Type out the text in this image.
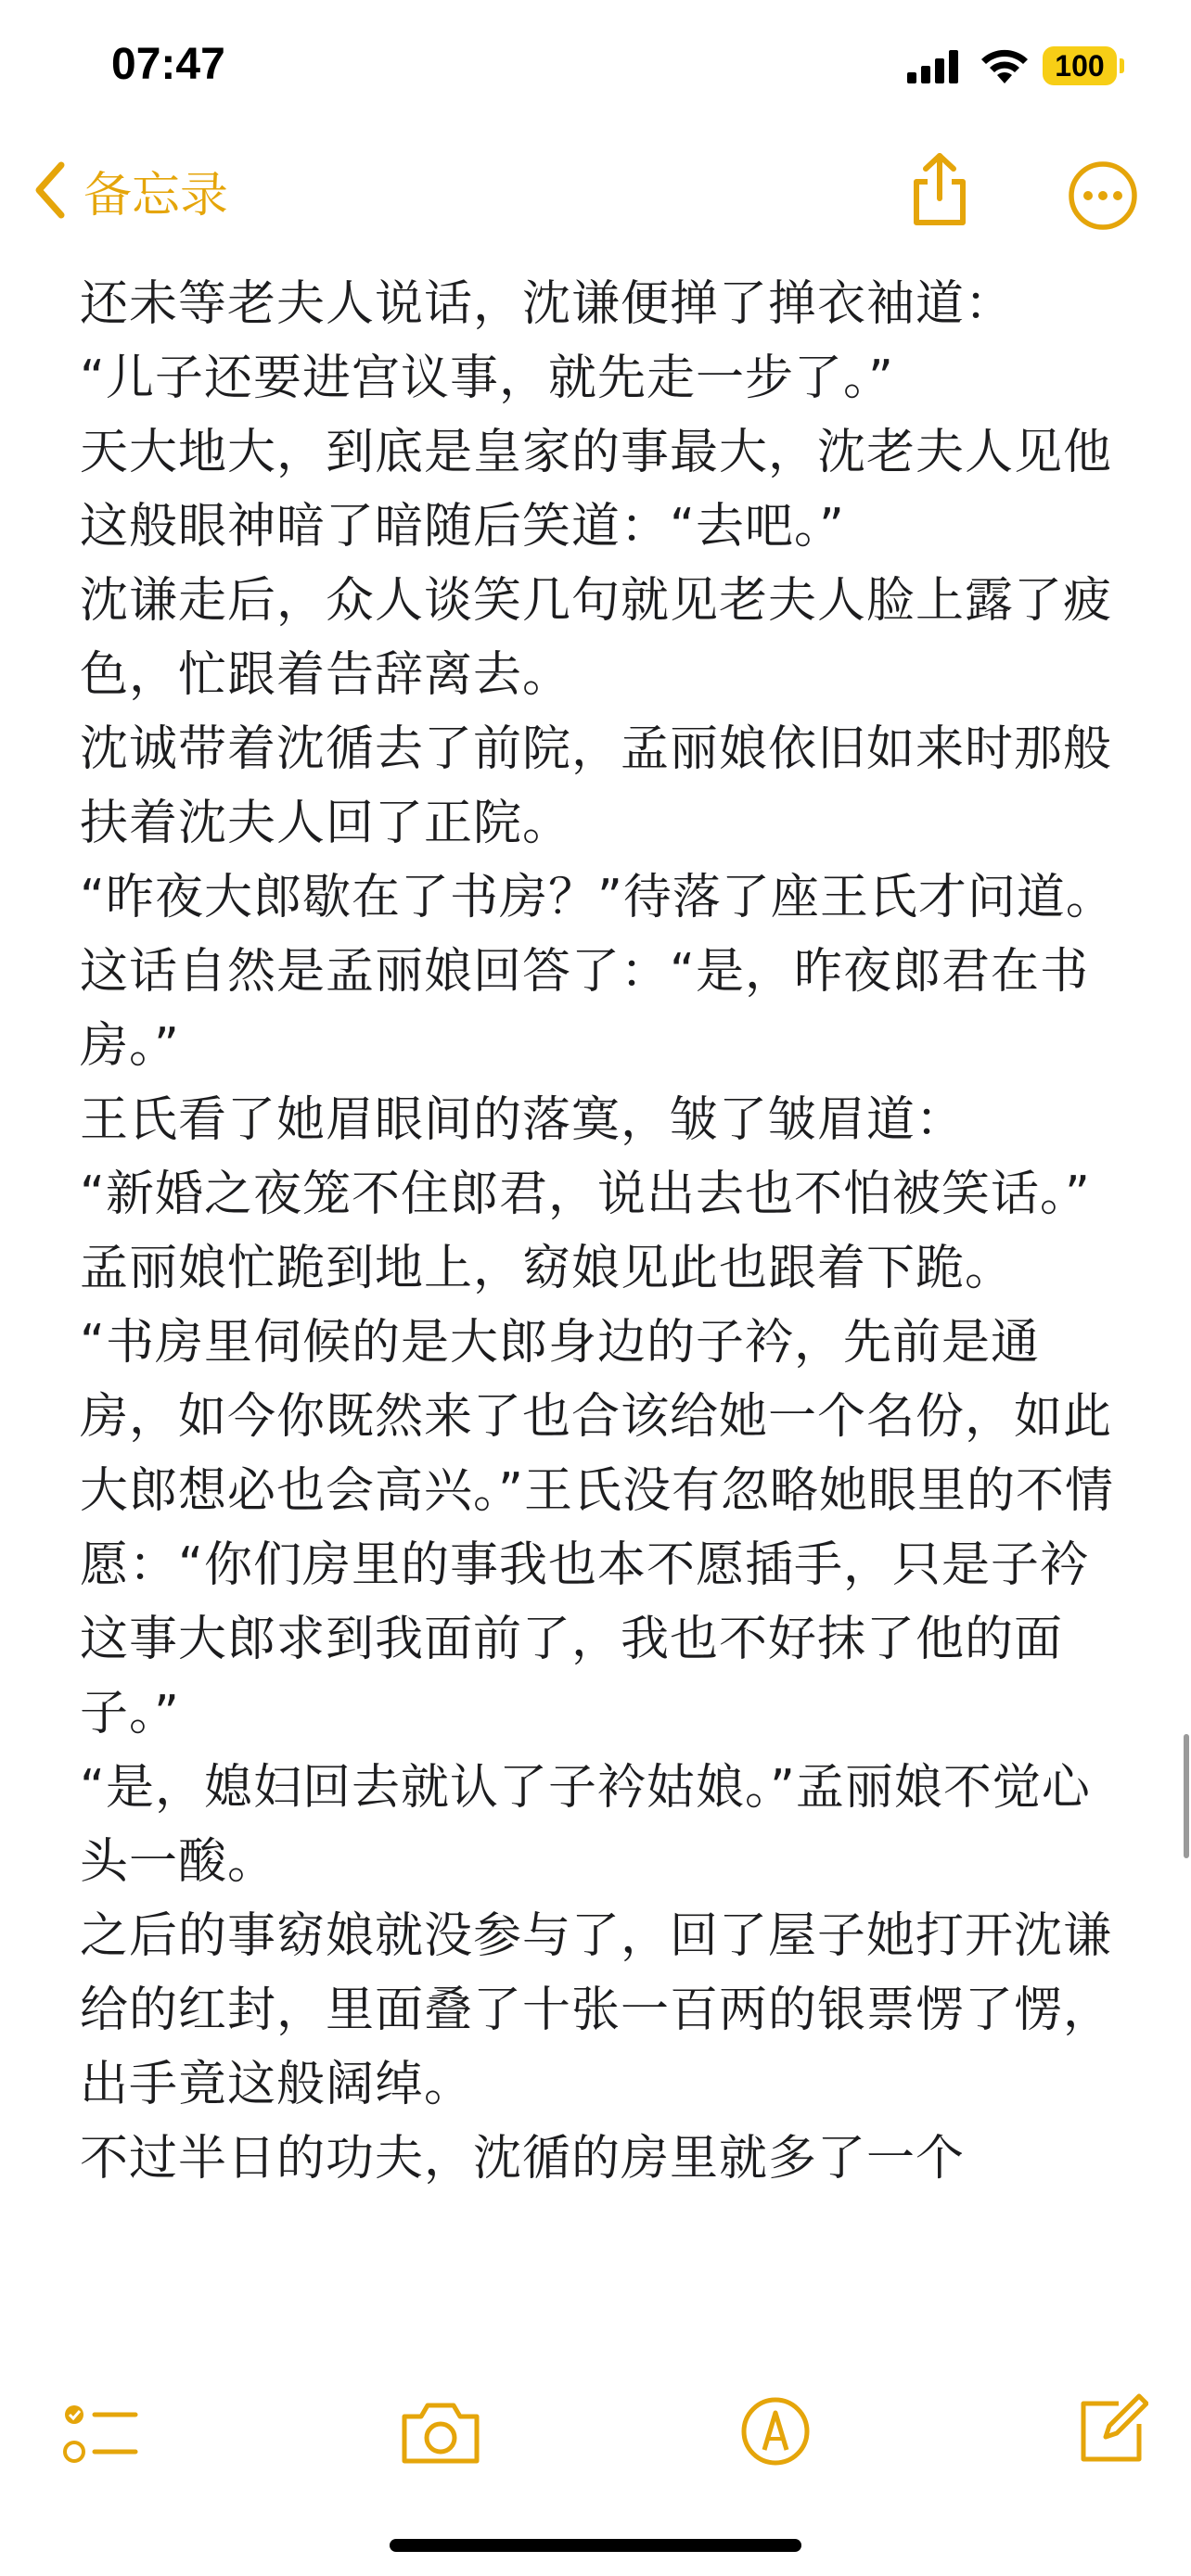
07:47	100
备忘录

还未等老夫人说话，沈谦便掸了掸衣袖道：

“儿子还要进宫议事，就先走一步了。”

天大地大，到底是皇家的事最大，沈老夫人见他这般眼神暗了暗随后笑道：“去吧。”

沈谦走后，众人谈笑几句就见老夫人脸上露了疲色，忙跟着告辞离去。

沈诚带着沈循去了前院，孟丽娘依旧如来时那般扶着沈夫人回了正院。

“昨夜大郎歇在了书房？”待落了座王氏才问道。

这话自然是孟丽娘回答了：“是，昨夜郎君在书房。”

王氏看了她眉眼间的落寞，皱了皱眉道：

“新婚之夜笼不住郎君，说出去也不怕被笑话。”

孟丽娘忙跪到地上，窈娘见此也跟着下跪。

“书房里伺候的是大郎身边的子衿，先前是通房，如今你既然来了也合该给她一个名份，如此大郎想必也会高兴。”王氏没有忽略她眼里的不情愿：“你们房里的事我也本不愿插手，只是子衿这事大郎求到我面前了，我也不好抹了他的面子。”

“是，媳妇回去就认了子衿姑娘。”孟丽娘不觉心头一酸。

之后的事窈娘就没参与了，回了屋子她打开沈谦给的红封，里面叠了十张一百两的银票愣了愣，出手竟这般阔绰。

不过半日的功夫，沈循的房里就多了一个
